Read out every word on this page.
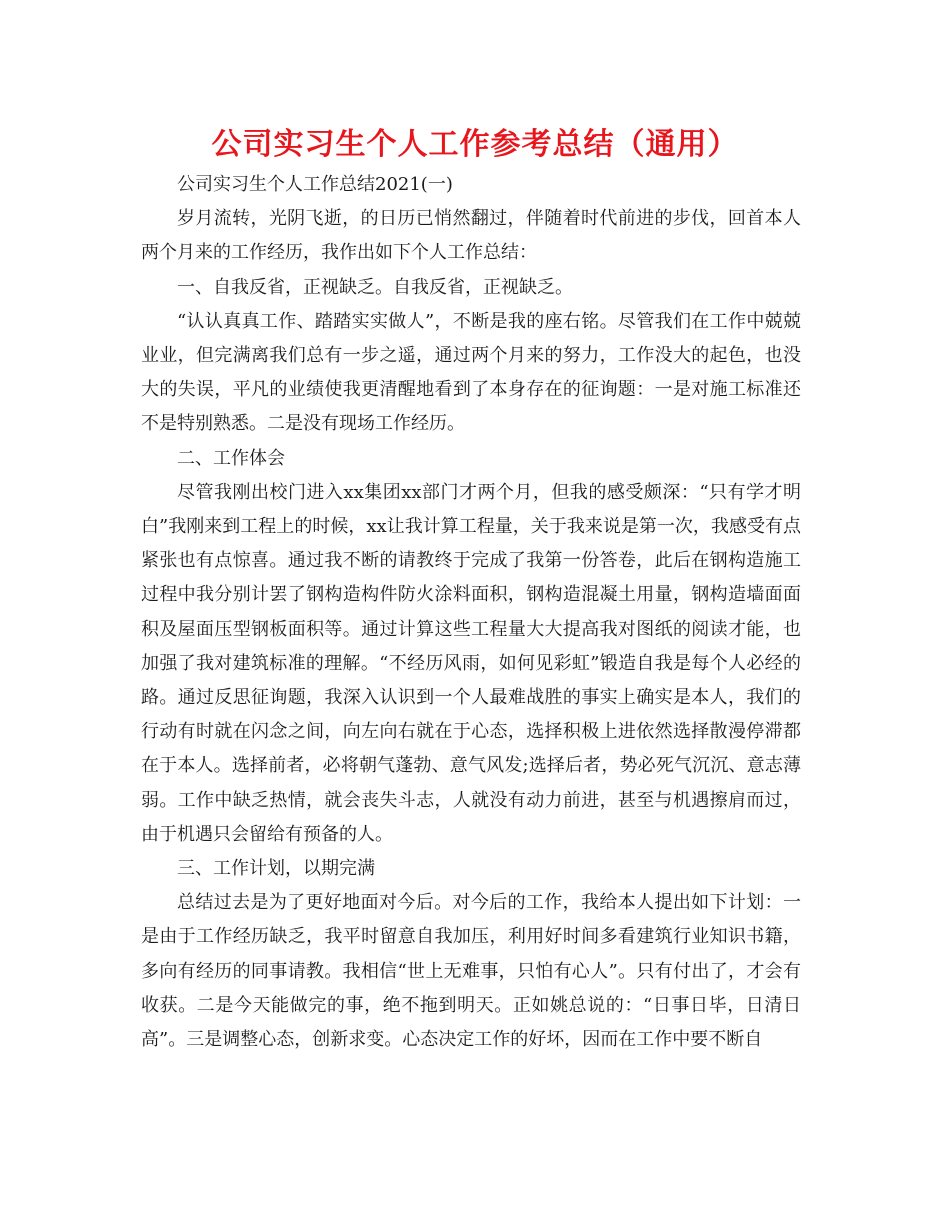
公司实习生个人工作参考总结（通用）

公司实习生个人工作总结2021(一)

岁月流转，光阴飞逝，的日历已悄然翻过，伴随着时代前进的步伐，回首本人两个月来的工作经历，我作出如下个人工作总结：

一、自我反省，正视缺乏。自我反省，正视缺乏。

“认认真真工作、踏踏实实做人”，不断是我的座右铭。尽管我们在工作中兢兢业业，但完满离我们总有一步之遥，通过两个月来的努力，工作没大的起色，也没大的失误，平凡的业绩使我更清醒地看到了本身存在的征询题：一是对施工标准还不是特别熟悉。二是没有现场工作经历。

二、工作体会

尽管我刚出校门进入xx集团xx部门才两个月，但我的感受颇深：“只有学才明白”我刚来到工程上的时候，xx让我计算工程量，关于我来说是第一次，我感受有点紧张也有点惊喜。通过我不断的请教终于完成了我第一份答卷，此后在钢构造施工过程中我分别计罢了钢构造构件防火涂料面积，钢构造混凝土用量，钢构造墙面面积及屋面压型钢板面积等。通过计算这些工程量大大提高我对图纸的阅读才能，也加强了我对建筑标准的理解。“不经历风雨，如何见彩虹”锻造自我是每个人必经的路。通过反思征询题，我深入认识到一个人最难战胜的事实上确实是本人，我们的行动有时就在闪念之间，向左向右就在于心态，选择积极上进依然选择散漫停滞都在于本人。选择前者，必将朝气蓬勃、意气风发;选择后者，势必死气沉沉、意志薄弱。工作中缺乏热情，就会丧失斗志，人就没有动力前进，甚至与机遇擦肩而过，由于机遇只会留给有预备的人。

三、工作计划，以期完满

总结过去是为了更好地面对今后。对今后的工作，我给本人提出如下计划：一是由于工作经历缺乏，我平时留意自我加压，利用好时间多看建筑行业知识书籍，多向有经历的同事请教。我相信“世上无难事，只怕有心人”。只有付出了，才会有收获。二是今天能做完的事，绝不拖到明天。正如姚总说的：“日事日毕，日清日高”。三是调整心态，创新求变。心态决定工作的好坏，因而在工作中要不断自
